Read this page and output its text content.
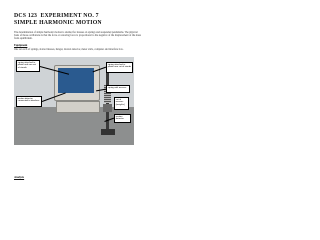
DCS 123  EXPERIMENT NO. 7
SIMPLE HARMONIC MOTION
The determination of simple harmonic motion is studied for masses on springs and suspended pendulums. The physical basis of these oscillations is that the force or restoring force is proportional to the negative of the displacement of the mass from equilibrium.
Equipment
One set each of springs, slotted masses, hanger, motion detector, meter stick, computer and interface box.
spring attached to platen and arm set of stands
motion detector connected to interface
spring attached to platen arm set of stands
spring with masses
set of masses (weights)
motion detector
Analysis
